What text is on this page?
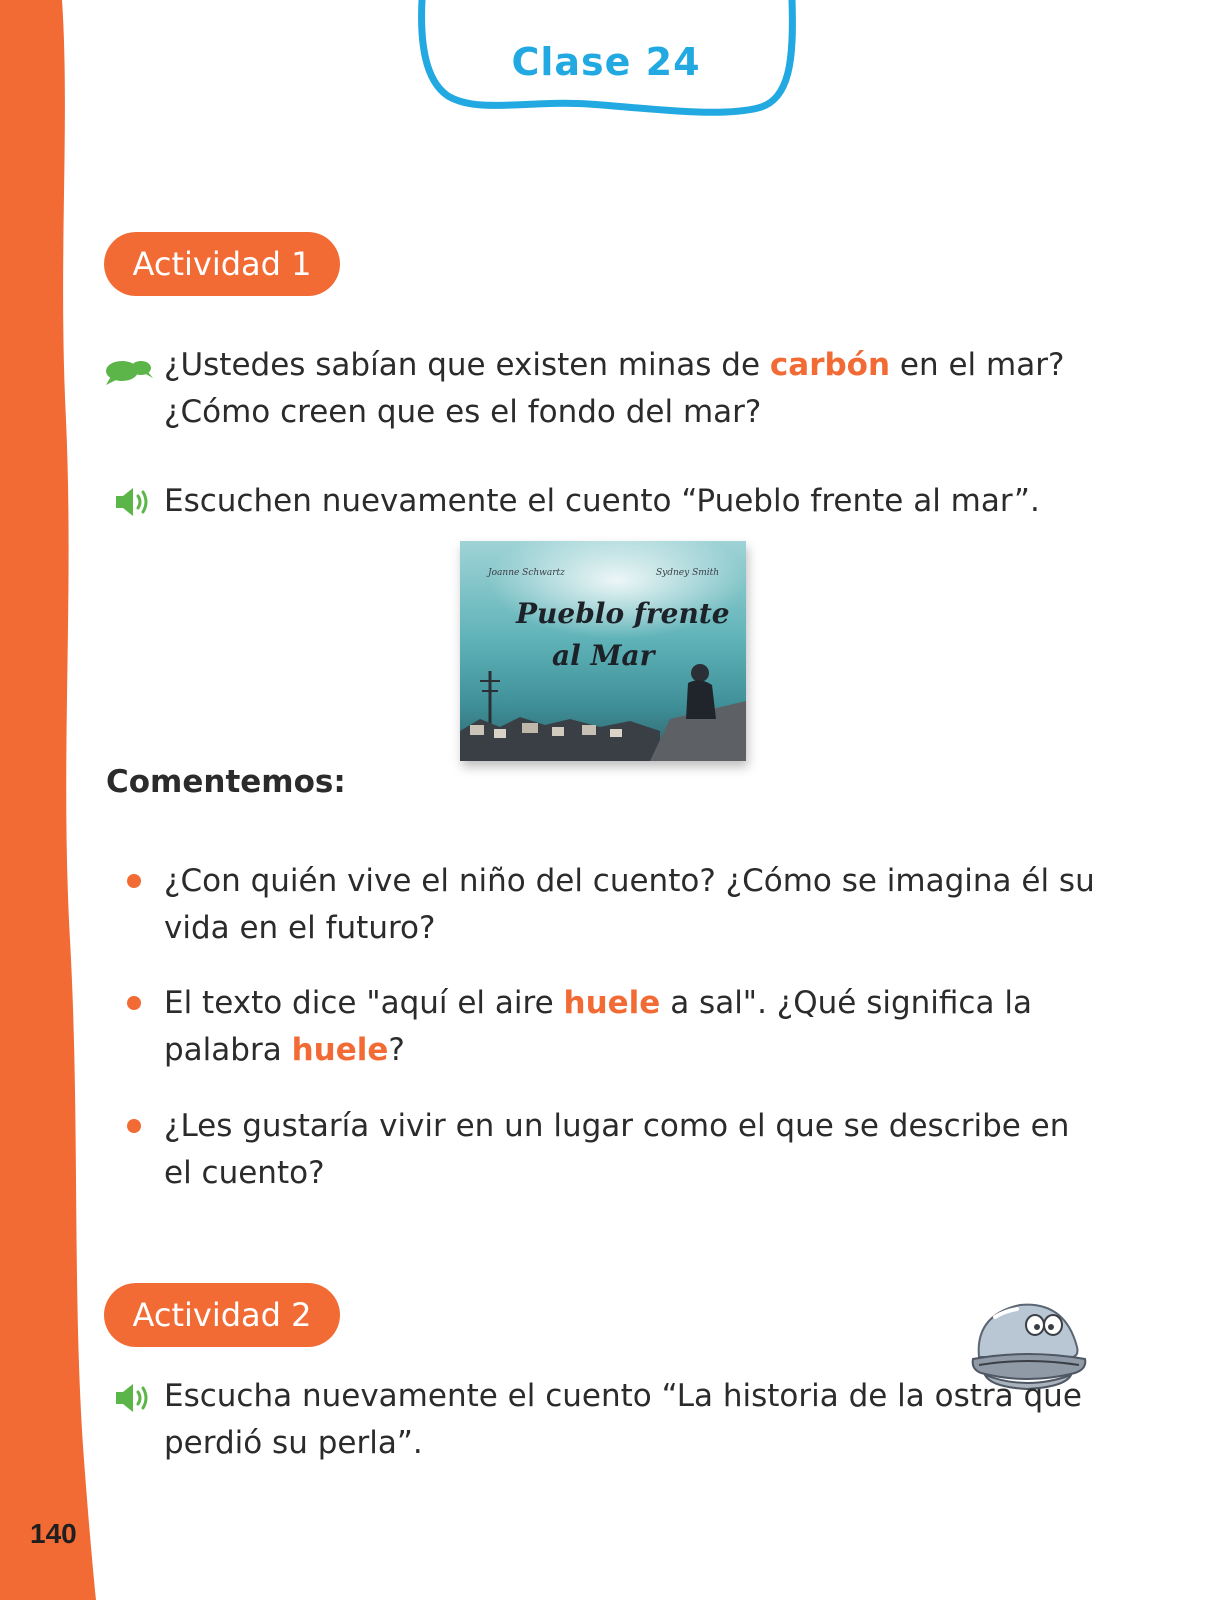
140
Clase 24
Actividad 1
¿Ustedes sabían que existen minas de carbón en el mar?
¿Cómo creen que es el fondo del mar?
Escuchen nuevamente el cuento “Pueblo frente al mar”.
Joanne Schwartz	Sydney Smith
Pueblo frente
al Mar
Comentemos:
¿Con quién vive el niño del cuento? ¿Cómo se imagina él su
vida en el futuro?
El texto dice "aquí el aire huele a sal". ¿Qué significa la
palabra huele?
¿Les gustaría vivir en un lugar como el que se describe en
el cuento?
Actividad 2
Escucha nuevamente el cuento “La historia de la ostra que
perdió su perla”.
